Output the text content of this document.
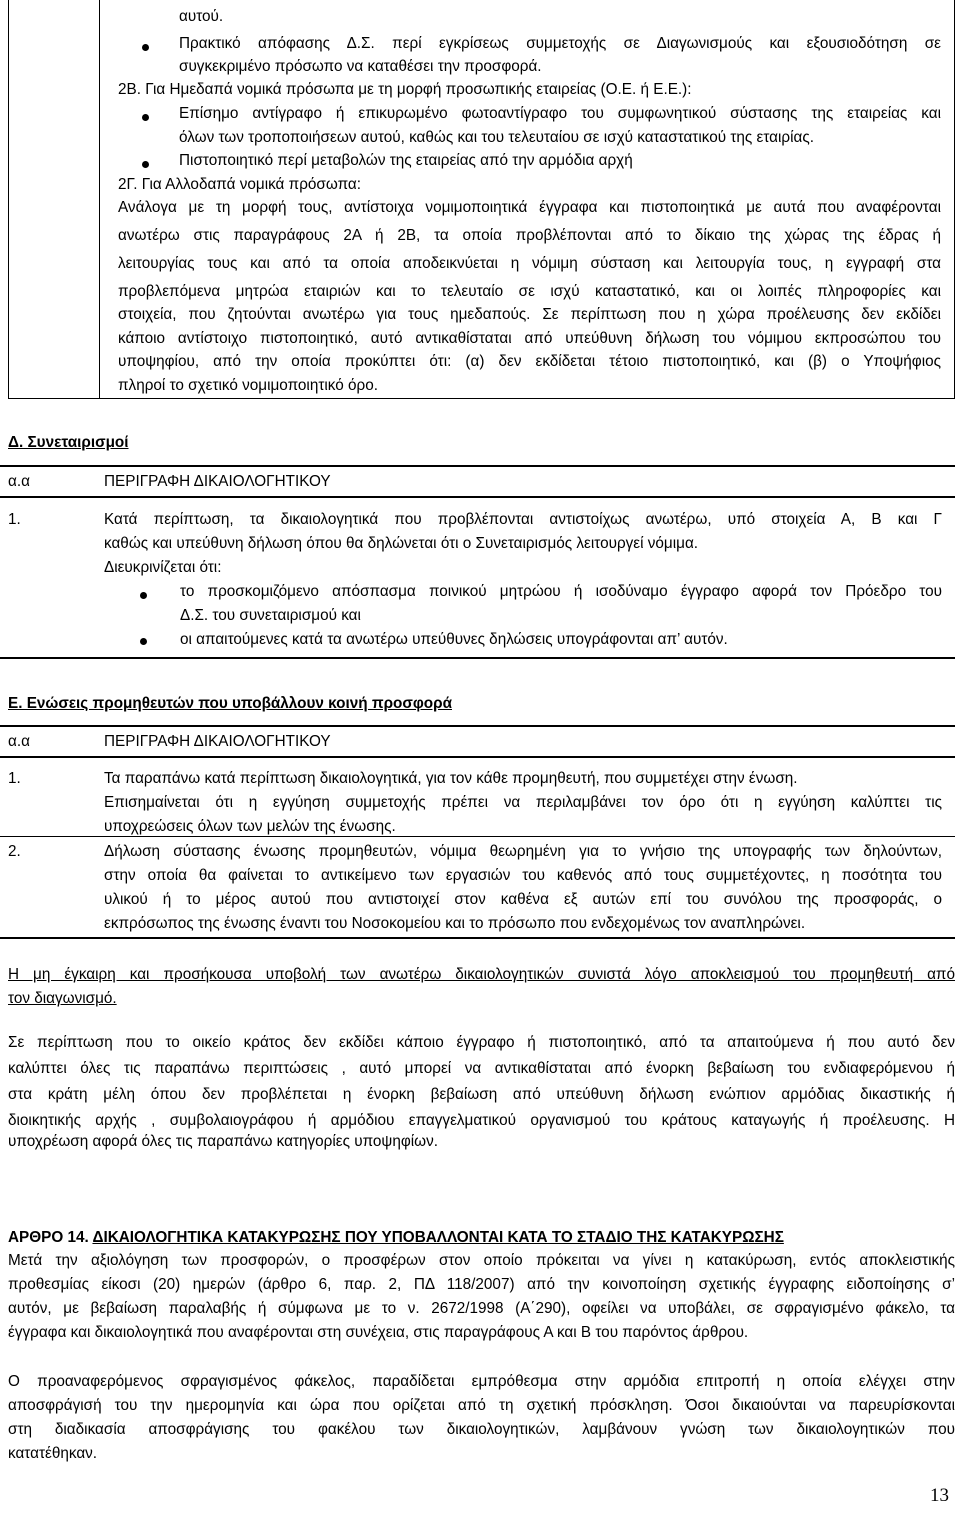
αυτού.
Πρακτικό απόφασης Δ.Σ. περί εγκρίσεως συμμετοχής σε Διαγωνισμούς και εξουσιοδότηση σε
συγκεκριμένο πρόσωπο να καταθέσει την προσφορά.
2Β. Για Ημεδαπά νομικά πρόσωπα με τη μορφή προσωπικής εταιρείας (Ο.Ε. ή Ε.Ε.):
Επίσημο αντίγραφο ή επικυρωμένο φωτοαντίγραφο του συμφωνητικού σύστασης της εταιρείας και
όλων των τροποποιήσεων αυτού, καθώς και του τελευταίου σε ισχύ καταστατικού της εταιρίας.
Πιστοποιητικό περί μεταβολών της εταιρείας από την αρμόδια αρχή
2Γ. Για Αλλοδαπά νομικά πρόσωπα:
Ανάλογα με τη μορφή τους, αντίστοιχα νομιμοποιητικά έγγραφα και πιστοποιητικά με αυτά που αναφέρονται
ανωτέρω στις παραγράφους 2Α ή 2Β, τα οποία προβλέπονται από το δίκαιο της χώρας της έδρας ή
λειτουργίας τους και από τα οποία αποδεικνύεται η νόμιμη σύσταση και λειτουργία τους, η εγγραφή στα
προβλεπόμενα μητρώα εταιριών και το τελευταίο σε ισχύ καταστατικό, και οι λοιπές πληροφορίες και
στοιχεία, που ζητούνται ανωτέρω για τους ημεδαπούς. Σε περίπτωση που η χώρα προέλευσης δεν εκδίδει
κάποιο αντίστοιχο πιστοποιητικό, αυτό αντικαθίσταται από υπεύθυνη δήλωση του νόμιμου εκπροσώπου του
υποψηφίου, από την οποία προκύπτει ότι: (α) δεν εκδίδεται τέτοιο πιστοποιητικό, και (β) ο Υποψήφιος
πληροί το σχετικό νομιμοποιητικό όρο.
Δ. Συνεταιρισμοί
α.α	ΠΕΡΙΓΡΑΦΗ ΔΙΚΑΙΟΛΟΓΗΤΙΚΟΥ
1.	Κατά περίπτωση, τα δικαιολογητικά που προβλέπονται αντιστοίχως ανωτέρω, υπό στοιχεία Α, Β και Γ
καθώς και υπεύθυνη δήλωση όπου θα δηλώνεται ότι ο Συνεταιρισμός λειτουργεί νόμιμα.
Διευκρινίζεται ότι:
το προσκομιζόμενο απόσπασμα ποινικού μητρώου ή ισοδύναμο έγγραφο αφορά τον Πρόεδρο του
Δ.Σ. του συνεταιρισμού και
οι απαιτούμενες κατά τα ανωτέρω υπεύθυνες δηλώσεις υπογράφονται απ’ αυτόν.
Ε. Ενώσεις προμηθευτών που υποβάλλουν κοινή προσφορά
α.α	ΠΕΡΙΓΡΑΦΗ ΔΙΚΑΙΟΛΟΓΗΤΙΚΟΥ
1.	Τα παραπάνω κατά περίπτωση δικαιολογητικά, για τον κάθε προμηθευτή, που συμμετέχει στην ένωση.
Επισημαίνεται ότι η εγγύηση συμμετοχής πρέπει να περιλαμβάνει τον όρο ότι η εγγύηση καλύπτει τις
υποχρεώσεις όλων των μελών της ένωσης.
2.	Δήλωση σύστασης ένωσης προμηθευτών, νόμιμα θεωρημένη για το γνήσιο της υπογραφής των δηλούντων,
στην οποία θα φαίνεται το αντικείμενο των εργασιών του καθενός από τους συμμετέχοντες, η ποσότητα του
υλικού ή το μέρος αυτού που αντιστοιχεί στον καθένα εξ αυτών επί του συνόλου της προσφοράς, ο
εκπρόσωπος της ένωσης έναντι του Νοσοκομείου και το πρόσωπο που ενδεχομένως τον αναπληρώνει.
Η μη έγκαιρη και προσήκουσα υποβολή των ανωτέρω δικαιολογητικών συνιστά λόγο αποκλεισμού του προμηθευτή από
τον διαγωνισμό.
Σε περίπτωση που το οικείο κράτος δεν εκδίδει κάποιο έγγραφο ή πιστοποιητικό, από τα απαιτούμενα ή που αυτό δεν
καλύπτει όλες τις παραπάνω περιπτώσεις , αυτό μπορεί να αντικαθίσταται από ένορκη βεβαίωση του ενδιαφερόμενου ή
στα κράτη μέλη όπου δεν προβλέπεται η ένορκη βεβαίωση από υπεύθυνη δήλωση ενώπιον αρμόδιας δικαστικής ή
διοικητικής αρχής , συμβολαιογράφου ή αρμόδιου επαγγελματικού οργανισμού του κράτους καταγωγής ή προέλευσης. Η
υποχρέωση αφορά όλες τις παραπάνω κατηγορίες υποψηφίων.
ΑΡΘΡΟ 14. ΔΙΚΑΙΟΛΟΓΗΤΙΚΑ ΚΑΤΑΚΥΡΩΣΗΣ ΠΟΥ ΥΠΟΒΑΛΛΟΝΤΑΙ ΚΑΤΑ ΤΟ ΣΤΑΔΙΟ ΤΗΣ ΚΑΤΑΚΥΡΩΣΗΣ
Μετά την αξιολόγηση των προσφορών, ο προσφέρων στον οποίο πρόκειται να γίνει η κατακύρωση, εντός αποκλειστικής
προθεσμίας είκοσι (20) ημερών (άρθρο 6, παρ. 2, ΠΔ 118/2007) από την κοινοποίηση σχετικής έγγραφης ειδοποίησης σ’
αυτόν, με βεβαίωση παραλαβής ή σύμφωνα με το ν. 2672/1998 (Α΄290), οφείλει να υποβάλει, σε σφραγισμένο φάκελο, τα
έγγραφα και δικαιολογητικά που αναφέρονται στη συνέχεια, στις παραγράφους Α και Β του παρόντος άρθρου.
Ο προαναφερόμενος σφραγισμένος φάκελος, παραδίδεται εμπρόθεσμα στην αρμόδια επιτροπή η οποία ελέγχει στην
αποσφράγισή του την ημερομηνία και ώρα που ορίζεται από τη σχετική πρόσκληση. Όσοι δικαιούνται να παρευρίσκονται
στη διαδικασία αποσφράγισης του φακέλου των δικαιολογητικών, λαμβάνουν γνώση των δικαιολογητικών που
κατατέθηκαν.
13
